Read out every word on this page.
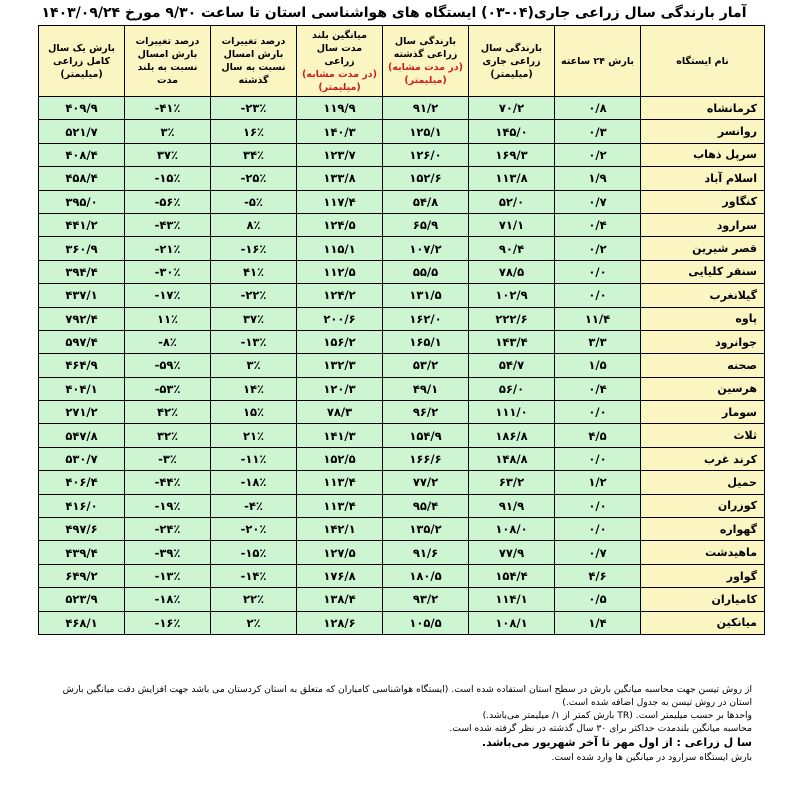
آمار بارندگی سال زراعی جاری(۰۴-۰۳) ایستگاه های هواشناسی استان تا ساعت ۹/۳۰ مورخ ۱۴۰۳/۰۹/۲۴
نام ایستگاه	بارش ۲۴ ساعته	بارندگی سال زراعی جاری (میلیمتر)	بارندگی سال زراعی گذشته
(در مدت مشابه)
(میلیمتر)	میانگین بلند مدت سال زراعی
(در مدت مشابه)
(میلیمتر)	درصد تغییرات بارش امسال نسبت به سال گذشته	درصد تغییرات بارش امسال نسبت به بلند مدت	بارش یک سال کامل زراعی (میلیمتر)
کرمانشاه	۰/۸	۷۰/۲	۹۱/۲	۱۱۹/۹	-۲۳٪	-۴۱٪	۴۰۹/۹
روانسر	۰/۳	۱۴۵/۰	۱۲۵/۱	۱۴۰/۳	۱۶٪	۳٪	۵۲۱/۷
سرپل ذهاب	۰/۲	۱۶۹/۳	۱۲۶/۰	۱۲۳/۷	۳۴٪	۳۷٪	۴۰۸/۴
اسلام آباد	۱/۹	۱۱۳/۸	۱۵۲/۶	۱۳۳/۸	-۲۵٪	-۱۵٪	۴۵۸/۴
کنگاور	۰/۷	۵۲/۰	۵۴/۸	۱۱۷/۴	-۵٪	-۵۶٪	۳۹۵/۰
سرارود	۰/۴	۷۱/۱	۶۵/۹	۱۲۴/۵	۸٪	-۴۳٪	۴۴۱/۲
قصر شیرین	۰/۲	۹۰/۴	۱۰۷/۲	۱۱۵/۱	-۱۶٪	-۲۱٪	۳۶۰/۹
سنقر کلیایی	۰/۰	۷۸/۵	۵۵/۵	۱۱۲/۵	۴۱٪	-۳۰٪	۳۹۴/۴
گیلانغرب	۰/۰	۱۰۲/۹	۱۳۱/۵	۱۲۴/۲	-۲۲٪	-۱۷٪	۴۳۷/۱
پاوه	۱۱/۴	۲۲۲/۶	۱۶۲/۰	۲۰۰/۶	۳۷٪	۱۱٪	۷۹۲/۴
جوانرود	۳/۳	۱۴۳/۴	۱۶۵/۱	۱۵۶/۲	-۱۳٪	-۸٪	۵۹۷/۴
صحنه	۱/۵	۵۴/۷	۵۳/۲	۱۳۲/۳	۳٪	-۵۹٪	۴۶۴/۹
هرسین	۰/۴	۵۶/۰	۴۹/۱	۱۲۰/۳	۱۴٪	-۵۳٪	۴۰۴/۱
سومار	۰/۰	۱۱۱/۰	۹۶/۲	۷۸/۳	۱۵٪	۴۲٪	۲۷۱/۲
ثلاث	۴/۵	۱۸۶/۸	۱۵۴/۹	۱۴۱/۳	۲۱٪	۳۲٪	۵۴۷/۸
کرند غرب	۰/۰	۱۴۸/۸	۱۶۶/۶	۱۵۲/۵	-۱۱٪	-۳٪	۵۳۰/۷
حمیل	۱/۲	۶۳/۲	۷۷/۲	۱۱۳/۴	-۱۸٪	-۴۴٪	۴۰۶/۴
کوزران	۰/۰	۹۱/۹	۹۵/۴	۱۱۳/۴	-۴٪	-۱۹٪	۴۱۶/۰
گهواره	۰/۰	۱۰۸/۰	۱۳۵/۲	۱۴۲/۱	-۲۰٪	-۲۴٪	۴۹۷/۶
ماهیدشت	۰/۷	۷۷/۹	۹۱/۶	۱۲۷/۵	-۱۵٪	-۳۹٪	۴۳۹/۴
گواور	۴/۶	۱۵۴/۴	۱۸۰/۵	۱۷۶/۸	-۱۴٪	-۱۳٪	۶۴۹/۲
کامیاران	۰/۵	۱۱۴/۱	۹۳/۲	۱۳۸/۴	۲۲٪	-۱۸٪	۵۲۳/۹
میانکین	۱/۴	۱۰۸/۱	۱۰۵/۵	۱۲۸/۶	۲٪	-۱۶٪	۴۶۸/۱

از روش تیسن جهت محاسبه میانگین بارش در سطح استان استفاده شده است. (ایستگاه هواشناسی کامیاران که متعلق به استان کردستان می باشد جهت افزایش دقت میانگین بارش استان در روش تیسن به جدول اضافه شده است.)

واحدها بر حسب میلیمتر است. (TR بارش کمتر از ۱/ میلیمتر می‌باشد.)

محاسبه میانگین بلندمدت حداکثر برای ۳۰ سال گذشته در نظر گرفته شده است.

سا ل زراعی : از اول مهر تا آخر شهریور می‌باشد.

بارش ایستگاه سرارود در میانگین ها وارد شده است.
